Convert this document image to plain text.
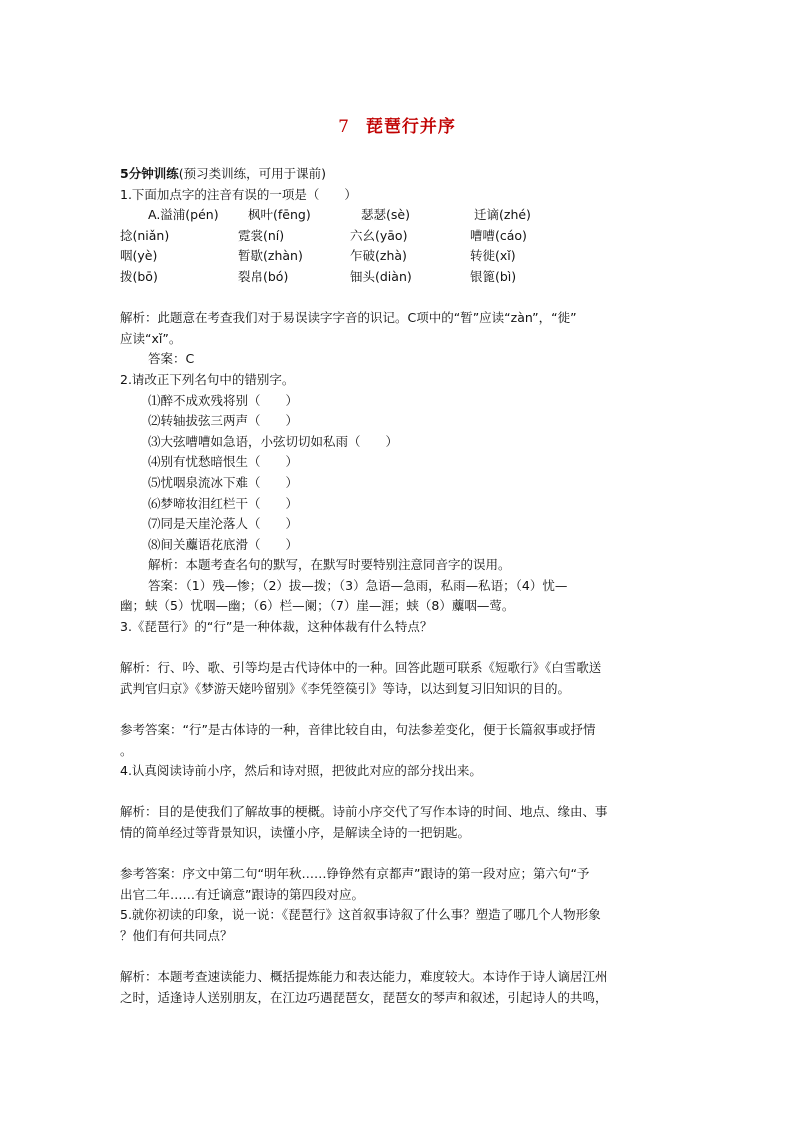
7 琵琶行并序
5分钟训练(预习类训练，可用于课前)
1.下面加点字的注音有误的一项是（　　）
A.溢浦(pén)	枫叶(fēng)	瑟瑟(sè)	迁谪(zhé)
捻(niǎn)	霓裳(ní)	六幺(yāo)	嘈嘈(cáo)
咽(yè)	暂歇(zhàn)	乍破(zhà)	转徙(xǐ)
拨(bō)	裂帛(bó)	钿头(diàn)	银篦(bì)
解析：此题意在考查我们对于易误读字字音的识记。C项中的“暂”应读“zàn”，“徙”
应读“xǐ”。
答案：C
2.请改正下列名句中的错别字。
⑴醉不成欢残将别（　　）
⑵转轴拔弦三两声（　　）
⑶大弦嘈嘈如急语，小弦切切如私雨（　　）
⑷别有忧愁暗恨生（　　）
⑸忧咽泉流冰下难（　　）
⑹梦啼妆泪红栏干（　　）
⑺同是天崖沦落人（　　）
⑻间关蘪语花底滑（　　）
解析：本题考查名句的默写，在默写时要特别注意同音字的误用。
答案：（1）残—惨；（2）拔—拨；（3）急语—急雨，私雨—私语；（4）忧—
幽；蛱（5）忧咽—幽；（6）栏—阑；（7）崖—涯；蛱（8）蘪咽—莺。
3.《琵琶行》的“行”是一种体裁，这种体裁有什么特点？
解析：行、吟、歌、引等均是古代诗体中的一种。回答此题可联系《短歌行》《白雪歌送
武判官归京》《梦游天姥吟留别》《李凭箜篌引》等诗，以达到复习旧知识的目的。
参考答案：“行”是古体诗的一种，音律比较自由，句法参差变化，便于长篇叙事或抒情
。
4.认真阅读诗前小序，然后和诗对照，把彼此对应的部分找出来。
解析：目的是使我们了解故事的梗概。诗前小序交代了写作本诗的时间、地点、缘由、事
情的简单经过等背景知识，读懂小序，是解读全诗的一把钥匙。
参考答案：序文中第二句“明年秋……铮铮然有京都声”跟诗的第一段对应；第六句“予
出官二年……有迁谪意”跟诗的第四段对应。
5.就你初读的印象，说一说：《琵琶行》这首叙事诗叙了什么事？塑造了哪几个人物形象
？他们有何共同点？
解析：本题考查速读能力、概括提炼能力和表达能力，难度较大。本诗作于诗人谪居江州
之时，适逢诗人送别朋友，在江边巧遇琵琶女，琵琶女的琴声和叙述，引起诗人的共鸣，
